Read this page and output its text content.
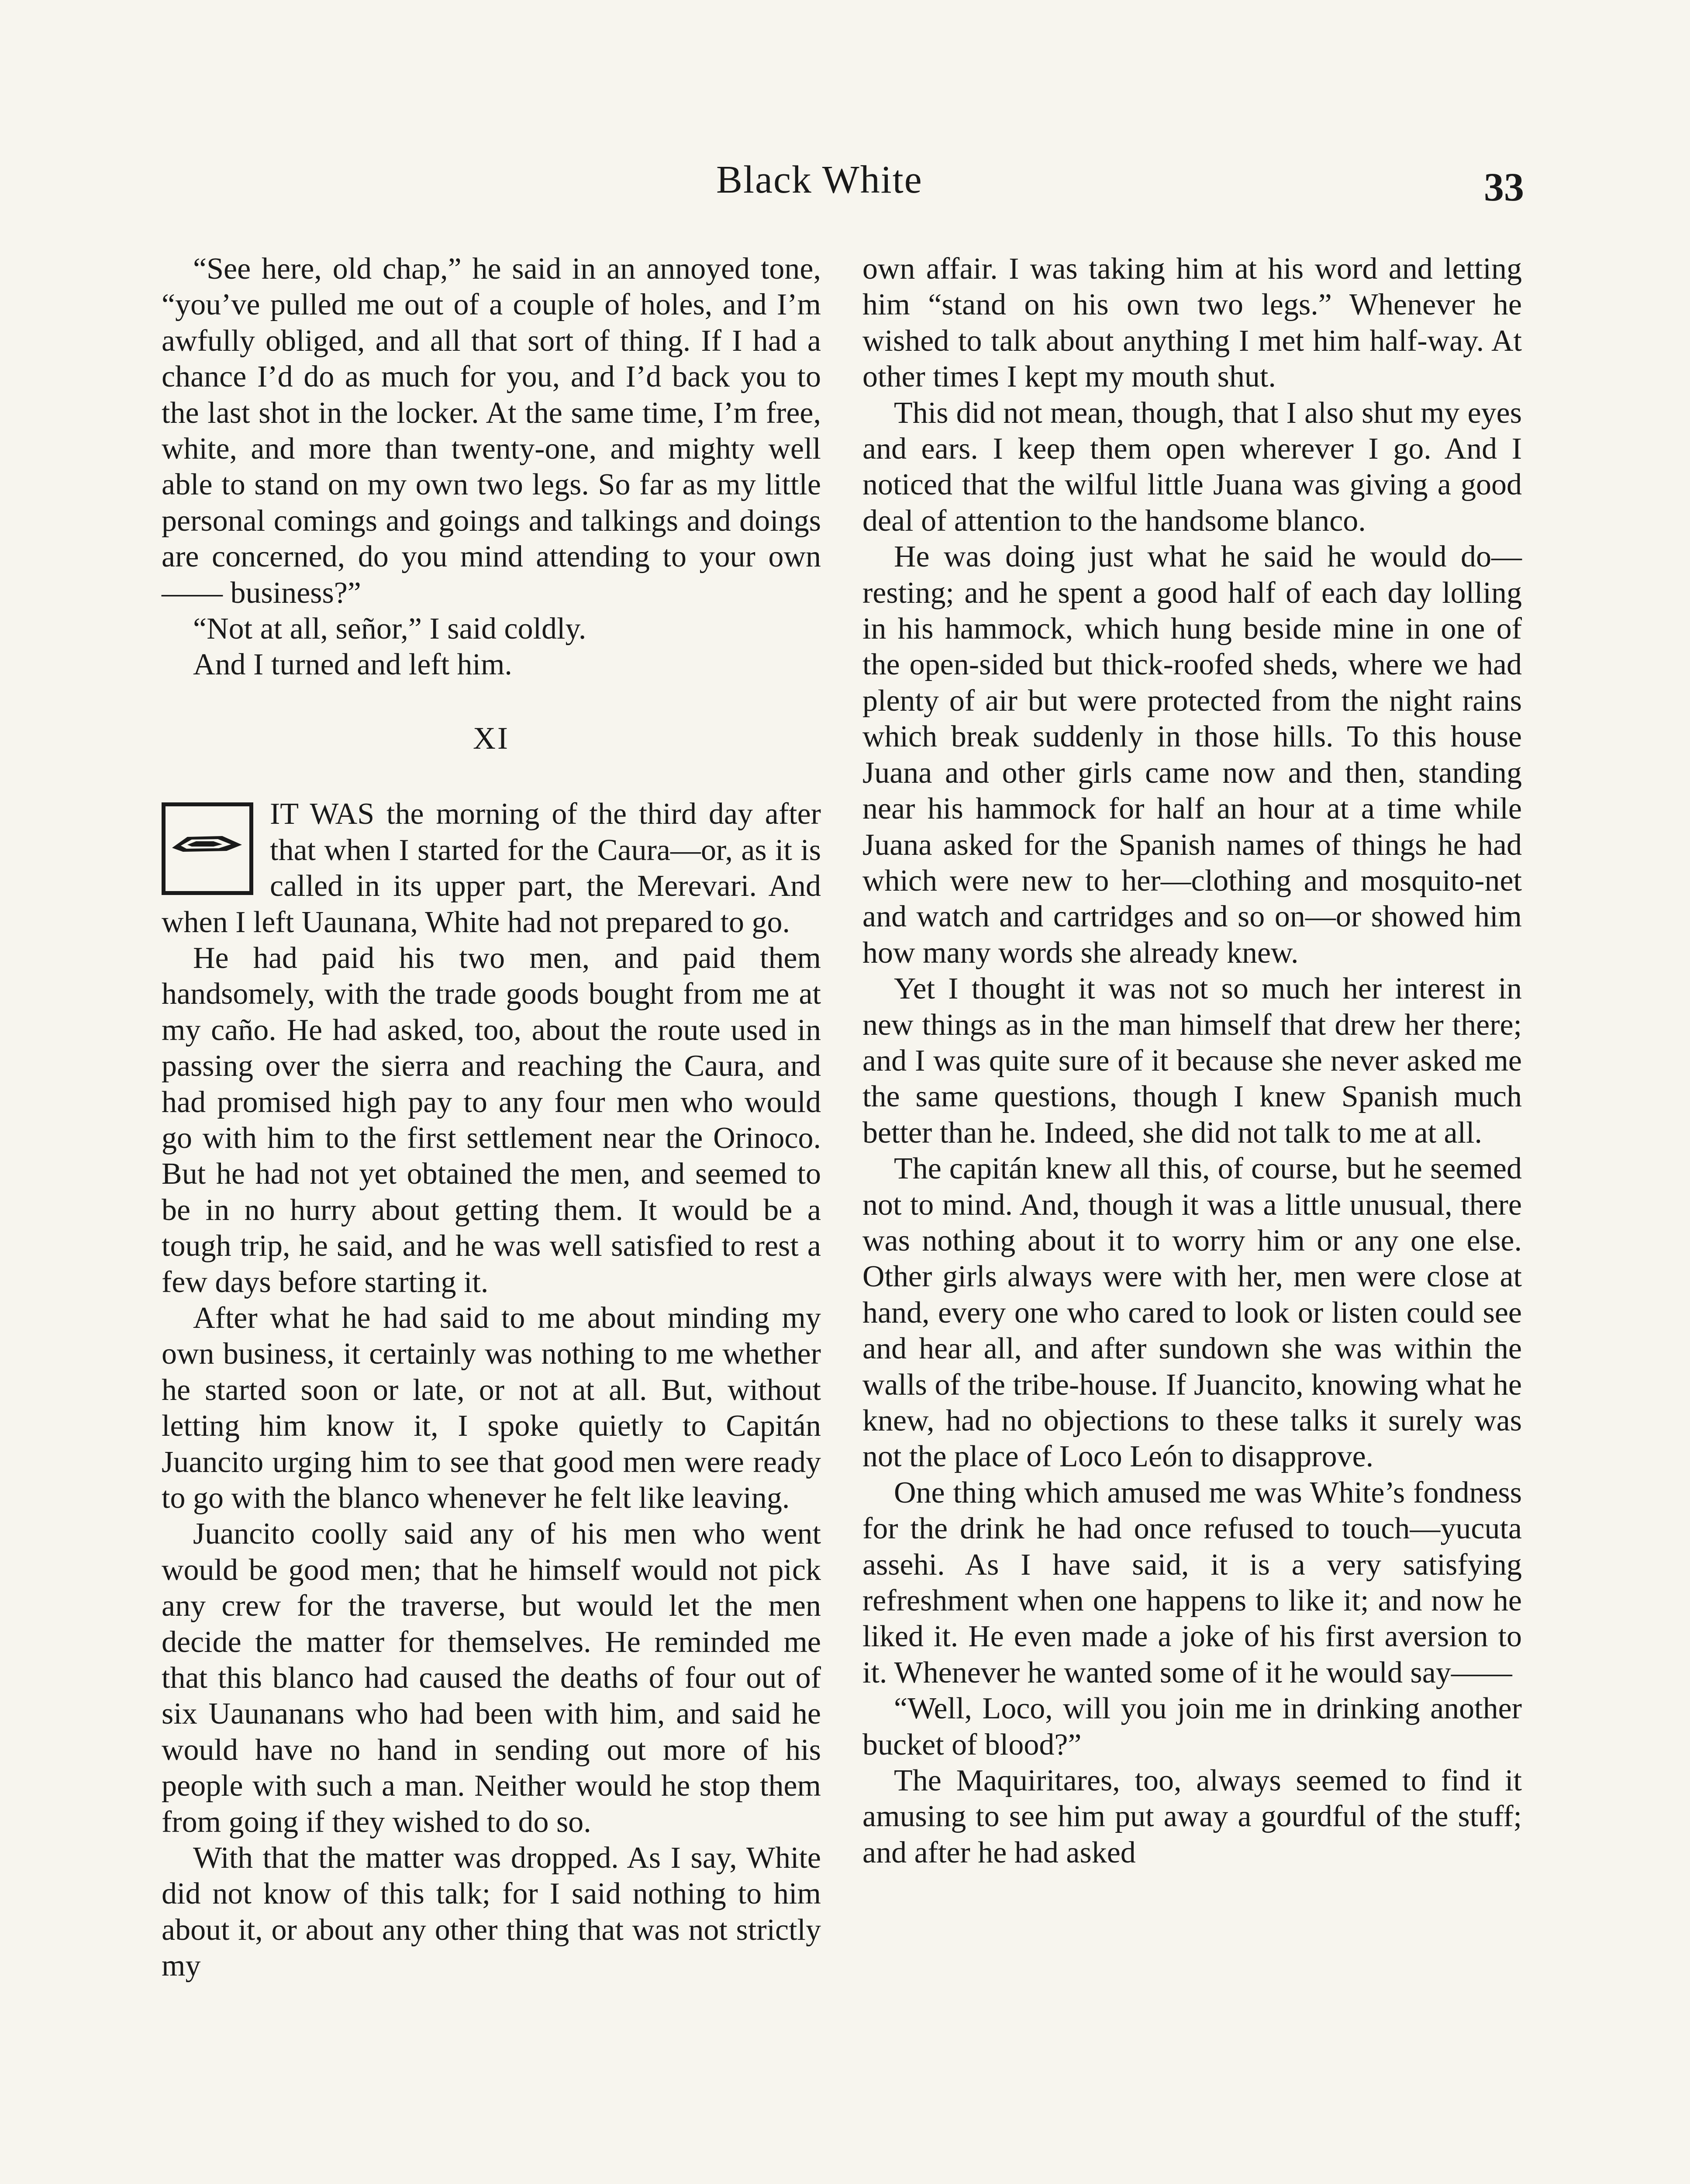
Black White	33

“See here, old chap,” he said in an annoyed tone, “you’ve pulled me out of a couple of holes, and I’m awfully obliged, and all that sort of thing. If I had a chance I’d do as much for you, and I’d back you to the last shot in the locker. At the same time, I’m free, white, and more than twenty-one, and mighty well able to stand on my own two legs. So far as my little personal comings and goings and talkings and doings are concerned, do you mind attending to your own —— business?”

“Not at all, señor,” I said coldly.

And I turned and left him.

XI

IT WAS the morning of the third day after that when I started for the Caura—or, as it is called in its upper part, the Merevari. And when I left Uaunana, White had not prepared to go.

He had paid his two men, and paid them handsomely, with the trade goods bought from me at my caño. He had asked, too, about the route used in passing over the sierra and reaching the Caura, and had promised high pay to any four men who would go with him to the first settlement near the Orinoco. But he had not yet obtained the men, and seemed to be in no hurry about getting them. It would be a tough trip, he said, and he was well satisfied to rest a few days before starting it.

After what he had said to me about minding my own business, it certainly was nothing to me whether he started soon or late, or not at all. But, without letting him know it, I spoke quietly to Capitán Juancito urging him to see that good men were ready to go with the blanco whenever he felt like leaving.

Juancito coolly said any of his men who went would be good men; that he himself would not pick any crew for the traverse, but would let the men decide the matter for themselves. He reminded me that this blanco had caused the deaths of four out of six Uaunanans who had been with him, and said he would have no hand in sending out more of his people with such a man. Neither would he stop them from going if they wished to do so.

With that the matter was dropped. As I say, White did not know of this talk; for I said nothing to him about it, or about any other thing that was not strictly my

own affair. I was taking him at his word and letting him “stand on his own two legs.” Whenever he wished to talk about anything I met him half-way. At other times I kept my mouth shut.

This did not mean, though, that I also shut my eyes and ears. I keep them open wherever I go. And I noticed that the wilful little Juana was giving a good deal of attention to the handsome blanco.

He was doing just what he said he would do—resting; and he spent a good half of each day lolling in his hammock, which hung beside mine in one of the open-sided but thick-roofed sheds, where we had plenty of air but were protected from the night rains which break suddenly in those hills. To this house Juana and other girls came now and then, standing near his hammock for half an hour at a time while Juana asked for the Spanish names of things he had which were new to her—clothing and mosquito-net and watch and cartridges and so on—or showed him how many words she already knew.

Yet I thought it was not so much her interest in new things as in the man himself that drew her there; and I was quite sure of it because she never asked me the same questions, though I knew Spanish much better than he. Indeed, she did not talk to me at all.

The capitán knew all this, of course, but he seemed not to mind. And, though it was a little unusual, there was nothing about it to worry him or any one else. Other girls always were with her, men were close at hand, every one who cared to look or listen could see and hear all, and after sundown she was within the walls of the tribe-house. If Juancito, knowing what he knew, had no objections to these talks it surely was not the place of Loco León to disapprove.

One thing which amused me was White’s fondness for the drink he had once refused to touch—yucuta assehi. As I have said, it is a very satisfying refreshment when one happens to like it; and now he liked it. He even made a joke of his first aversion to it. Whenever he wanted some of it he would say——

“Well, Loco, will you join me in drinking another bucket of blood?”

The Maquiritares, too, always seemed to find it amusing to see him put away a gourdful of the stuff; and after he had asked
